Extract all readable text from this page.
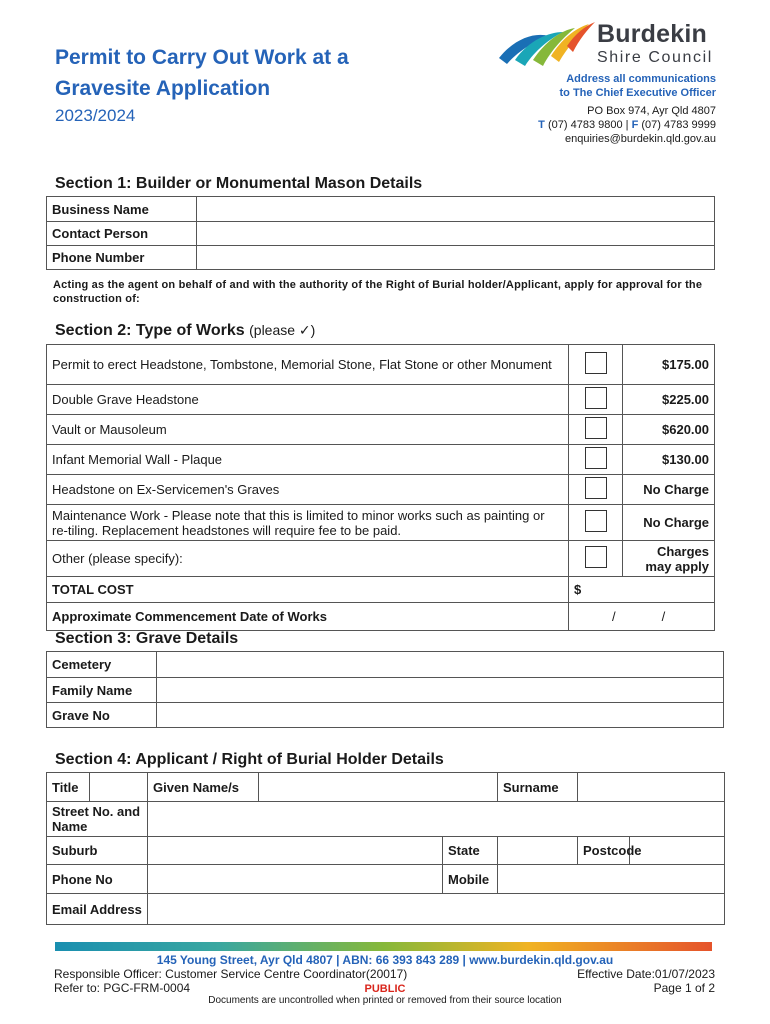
Permit to Carry Out Work at a
Gravesite Application
2023/2024
Burdekin
Shire Council
Address all communications
to The Chief Executive Officer
PO Box 974, Ayr Qld 4807
T (07) 4783 9800 | F (07) 4783 9999
enquiries@burdekin.qld.gov.au
Section 1: Builder or Monumental Mason Details
Business Name	
Contact Person	
Phone Number	
Acting as the agent on behalf of and with the authority of the Right of Burial holder/Applicant, apply for approval for the construction of:
Section 2: Type of Works (please ✓)
Permit to erect Headstone, Tombstone, Memorial Stone, Flat Stone or other Monument		$175.00
Double Grave Headstone		$225.00
Vault or Mausoleum		$620.00
Infant Memorial Wall - Plaque		$130.00
Headstone on Ex-Servicemen's Graves		No Charge
Maintenance Work - Please note that this is limited to minor works such as painting or re-tiling. Replacement headstones will require fee to be paid.		No Charge
Other (please specify):		Charges may apply
TOTAL COST	$	
Approximate Commencement Date of Works	/ /	
Section 3: Grave Details
Cemetery	
Family Name	
Grave No	
Section 4: Applicant / Right of Burial Holder Details
Title		Given Name/s			Surname		
Street No. and Name							
Suburb				State		Postcode	
Phone No				Mobile			
Email Address							
145 Young Street, Ayr Qld 4807 | ABN: 66 393 843 289 | www.burdekin.qld.gov.au
Responsible Officer: Customer Service Centre Coordinator(20017)	Effective Date:01/07/2023
Refer to: PGC-FRM-0004	PUBLIC	Page 1 of 2
Documents are uncontrolled when printed or removed from their source location
